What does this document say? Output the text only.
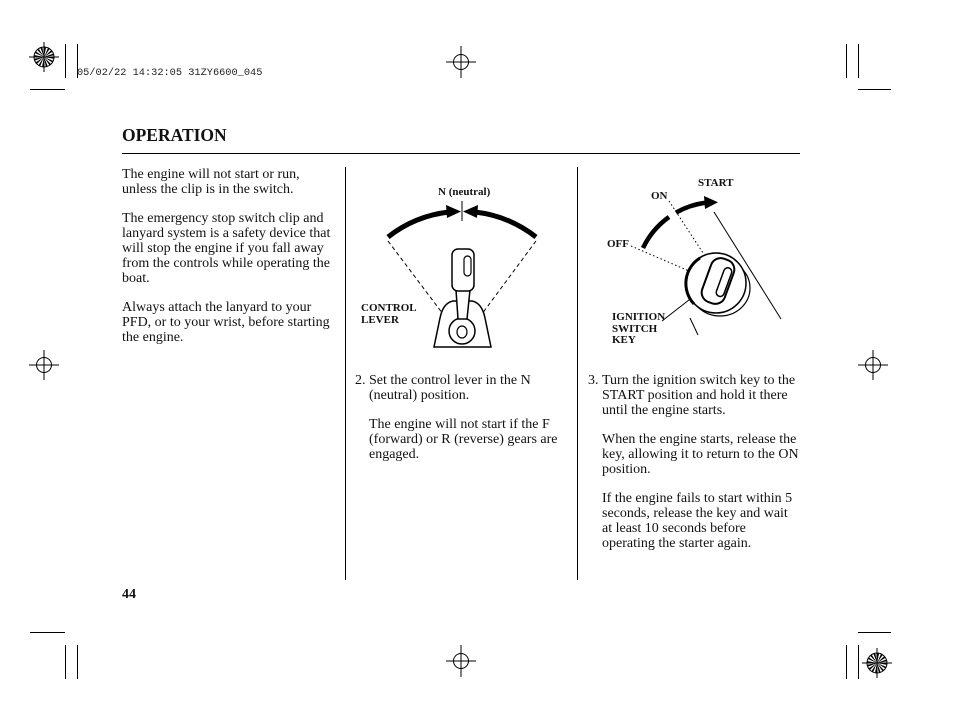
05/02/22 14:32:05 31ZY6600_045
OPERATION
The engine will not start or run,
unless the clip is in the switch.
The emergency stop switch clip and
lanyard system is a safety device that
will stop the engine if you fall away
from the controls while operating the
boat.
Always attach the lanyard to your
PFD, or to your wrist, before starting
the engine.
N (neutral)
CONTROL
LEVER
2. Set the control lever in the N
(neutral) position.
The engine will not start if the F
(forward) or R (reverse) gears are
engaged.
START
ON
OFF
IGNITION
SWITCH
KEY
3. Turn the ignition switch key to the
START position and hold it there
until the engine starts.
When the engine starts, release the
key, allowing it to return to the ON
position.
If the engine fails to start within 5
seconds, release the key and wait
at least 10 seconds before
operating the starter again.
44
